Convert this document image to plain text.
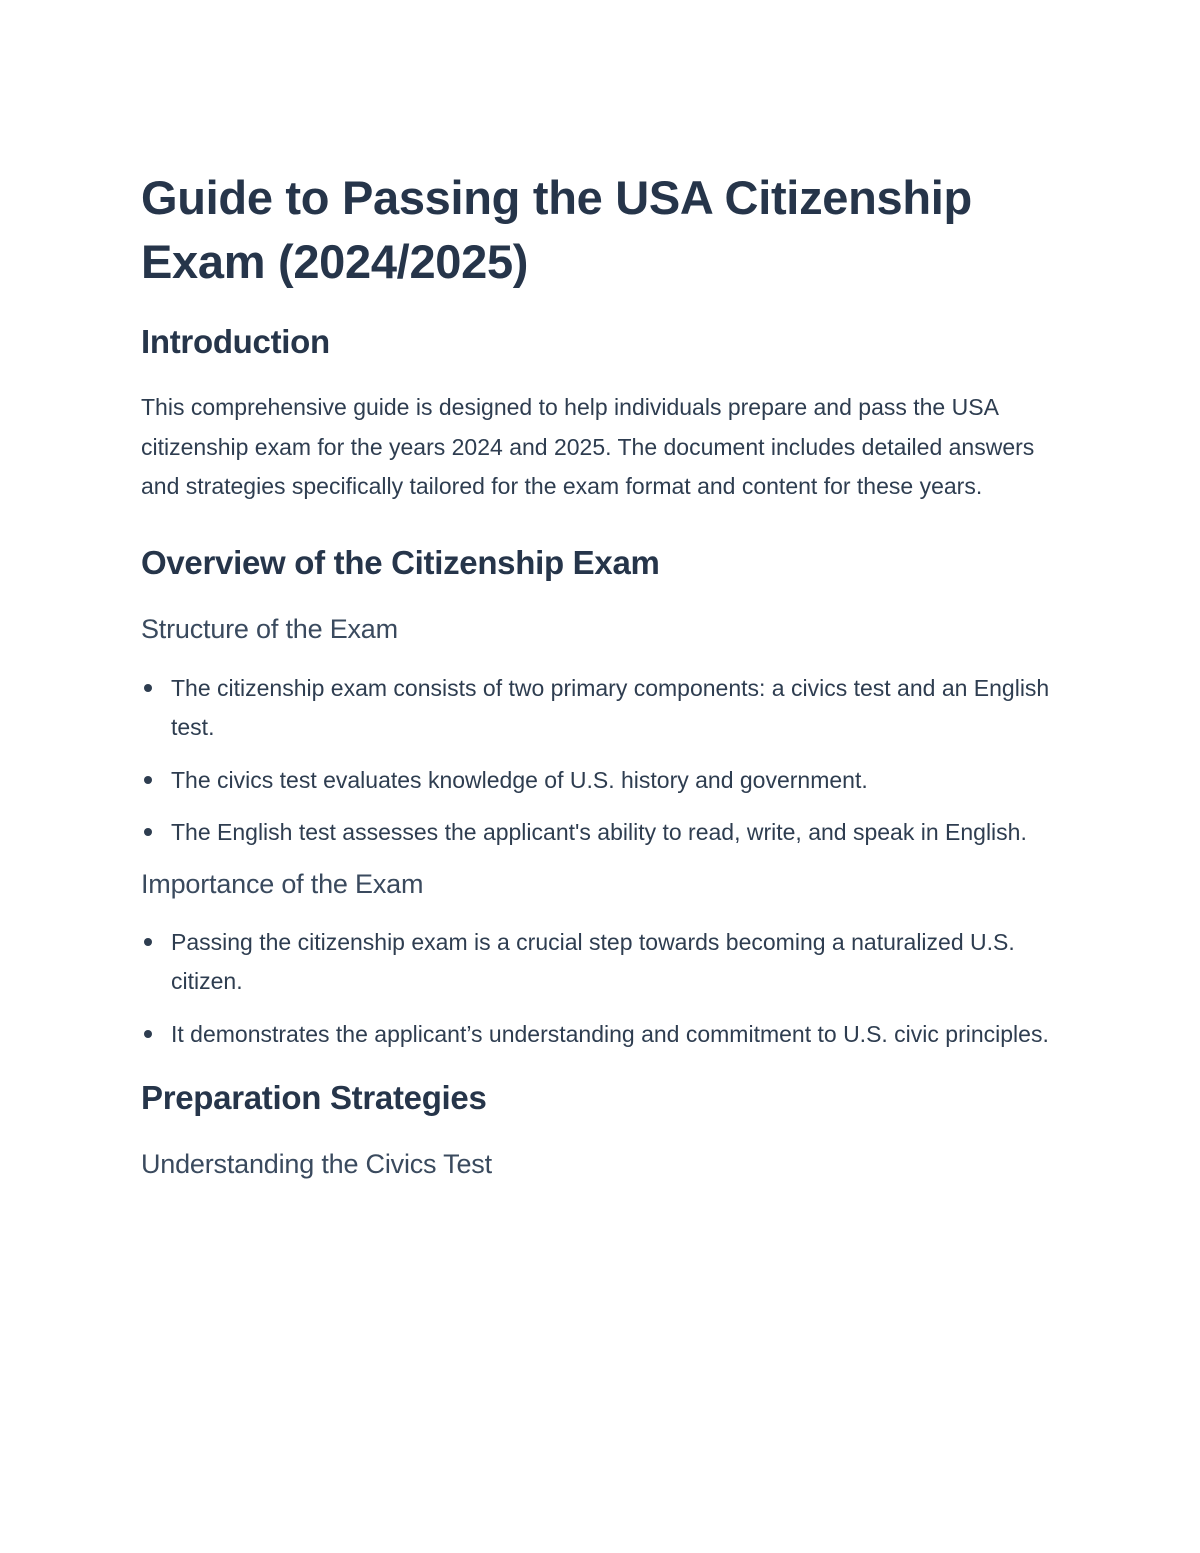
Guide to Passing the USA Citizenship Exam (2024/2025)
Introduction

This comprehensive guide is designed to help individuals prepare and pass the USA citizenship exam for the years 2024 and 2025. The document includes detailed answers and strategies specifically tailored for the exam format and content for these years.

Overview of the Citizenship Exam
Structure of the Exam
The citizenship exam consists of two primary components: a civics test and an English test.
The civics test evaluates knowledge of U.S. history and government.
The English test assesses the applicant's ability to read, write, and speak in English.
Importance of the Exam
Passing the citizenship exam is a crucial step towards becoming a naturalized U.S. citizen.
It demonstrates the applicant’s understanding and commitment to U.S. civic principles.
Preparation Strategies
Understanding the Civics Test
